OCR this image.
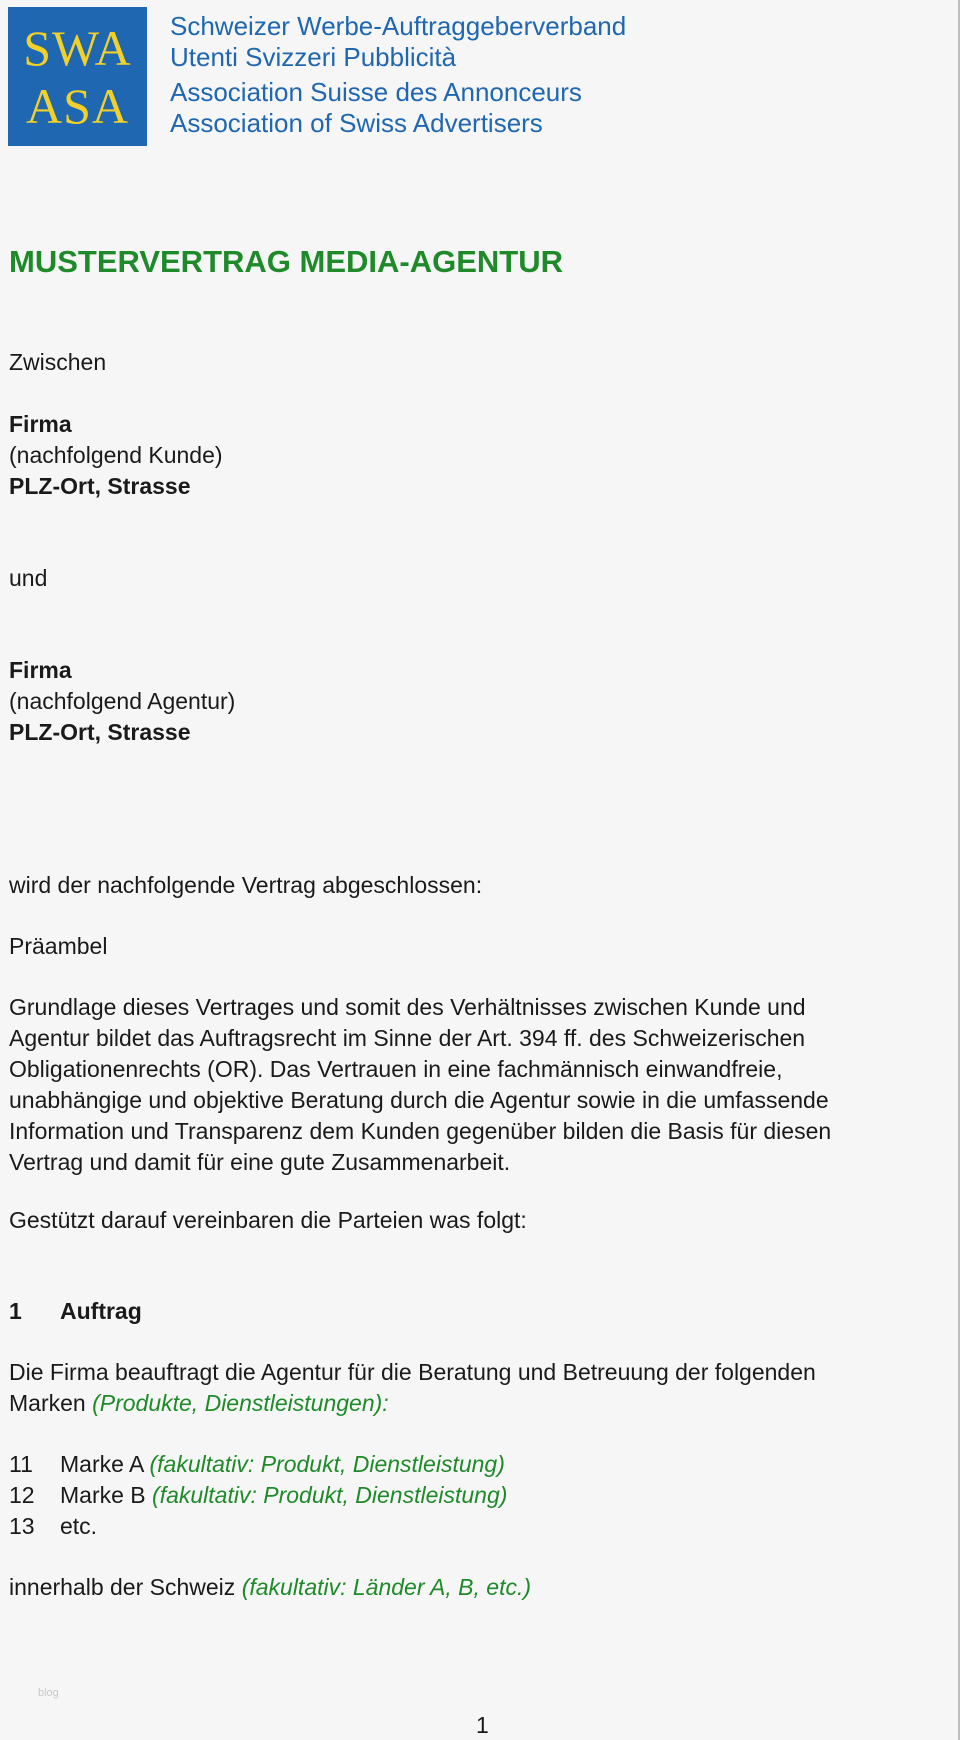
SWA
ASA
Schweizer Werbe-Auftraggeberverband
Utenti Svizzeri Pubblicità
Association Suisse des Annonceurs
Association of Swiss Advertisers
MUSTERVERTRAG MEDIA-AGENTUR
Zwischen
Firma
(nachfolgend Kunde)
PLZ-Ort, Strasse
und
Firma
(nachfolgend Agentur)
PLZ-Ort, Strasse
wird der nachfolgende Vertrag abgeschlossen:
Präambel
Grundlage dieses Vertrages und somit des Verhältnisses zwischen Kunde und
Agentur bildet das Auftragsrecht im Sinne der Art. 394 ff. des Schweizerischen
Obligationenrechts (OR). Das Vertrauen in eine fachmännisch einwandfreie,
unabhängige und objektive Beratung durch die Agentur sowie in die umfassende
Information und Transparenz dem Kunden gegenüber bilden die Basis für diesen
Vertrag und damit für eine gute Zusammenarbeit.
Gestützt darauf vereinbaren die Parteien was folgt:
1 Auftrag
Die Firma beauftragt die Agentur für die Beratung und Betreuung der folgenden
Marken (Produkte, Dienstleistungen):
11 Marke A (fakultativ: Produkt, Dienstleistung)
12 Marke B (fakultativ: Produkt, Dienstleistung)
13 etc.
innerhalb der Schweiz (fakultativ: Länder A, B, etc.)
blog
1
